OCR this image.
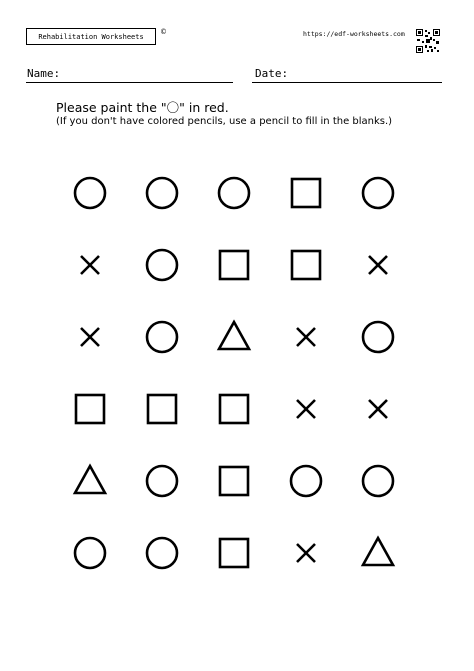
Rehabilitation Worksheets
©	https://edf-worksheets.com
Name:	Date:
Please paint the "〇" in red.
(If you don't have colored pencils, use a pencil to fill in the blanks.)
